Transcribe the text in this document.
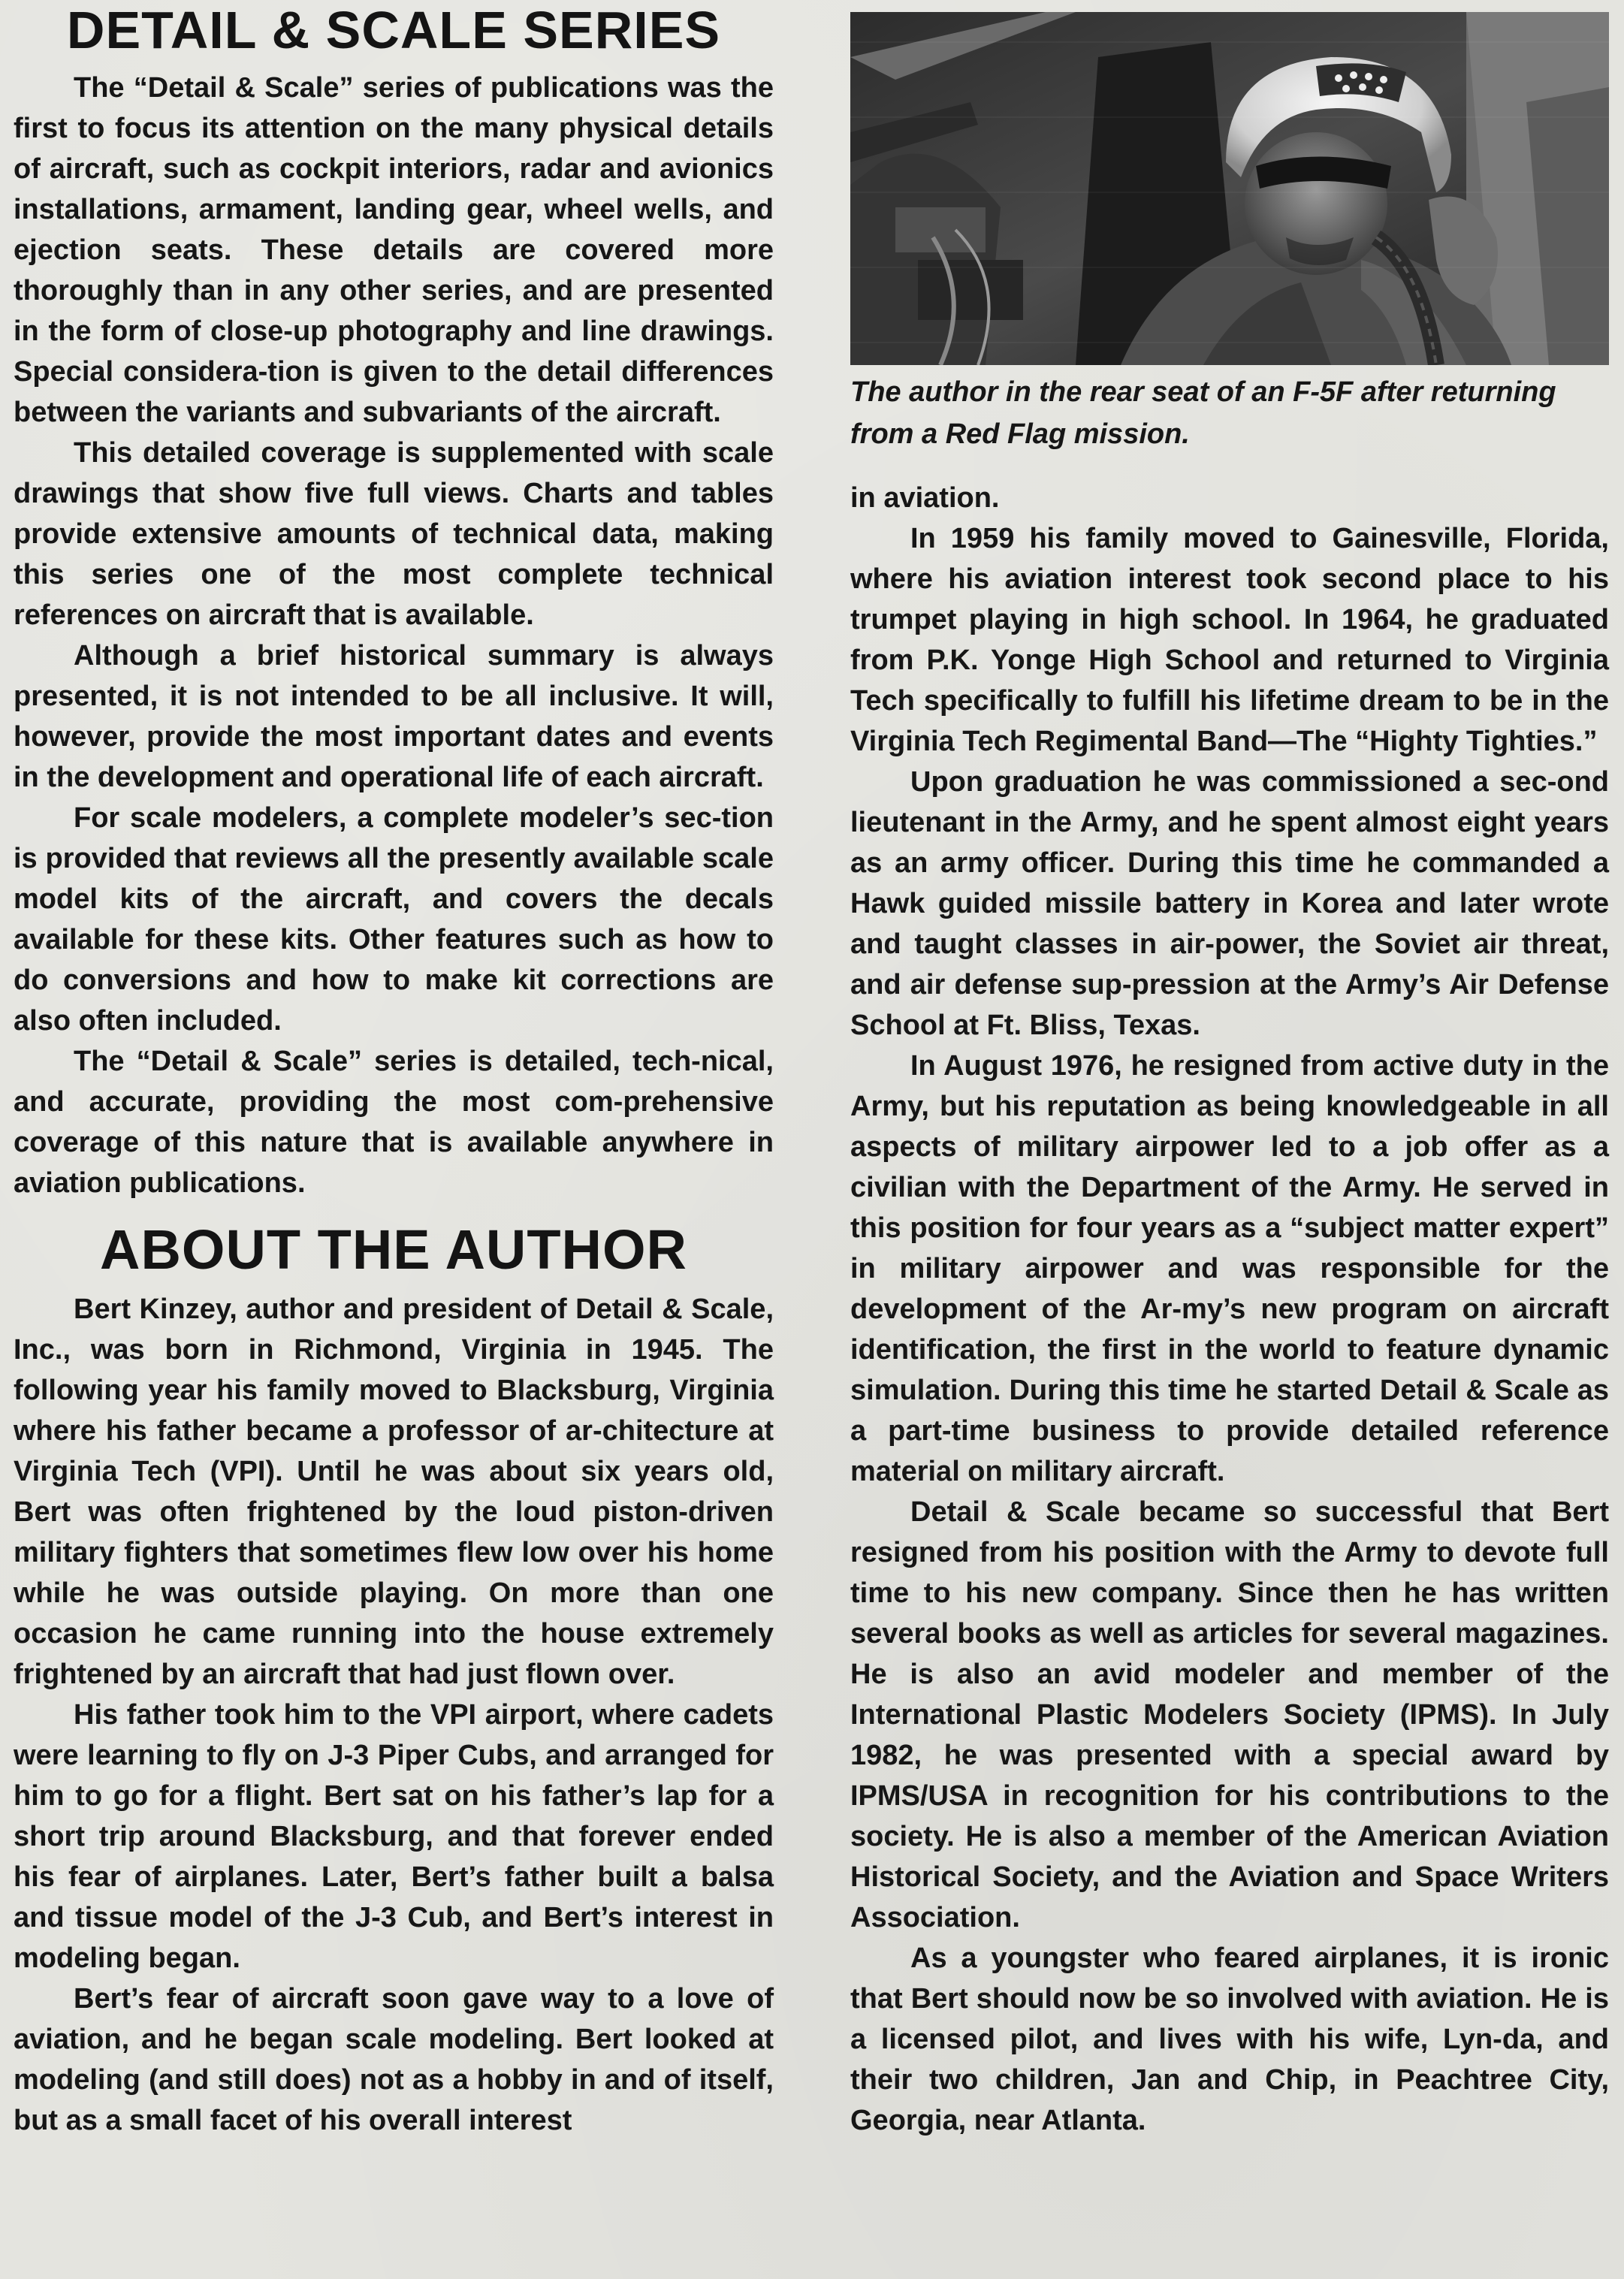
DETAIL & SCALE SERIES

The “Detail & Scale” series of publications was the first to focus its attention on the many physical details of aircraft, such as cockpit interiors, radar and avionics installations, armament, landing gear, wheel wells, and ejection seats. These details are covered more thoroughly than in any other series, and are presented in the form of close-up photography and line drawings. Special considera-tion is given to the detail differences between the variants and subvariants of the aircraft.

This detailed coverage is supplemented with scale drawings that show five full views. Charts and tables provide extensive amounts of technical data, making this series one of the most complete technical references on aircraft that is available.

Although a brief historical summary is always presented, it is not intended to be all inclusive. It will, however, provide the most important dates and events in the development and operational life of each aircraft.

For scale modelers, a complete modeler’s sec-tion is provided that reviews all the presently available scale model kits of the aircraft, and covers the decals available for these kits. Other features such as how to do conversions and how to make kit corrections are also often included.

The “Detail & Scale” series is detailed, tech-nical, and accurate, providing the most com-prehensive coverage of this nature that is available anywhere in aviation publications.

ABOUT THE AUTHOR

Bert Kinzey, author and president of Detail & Scale, Inc., was born in Richmond, Virginia in 1945. The following year his family moved to Blacksburg, Virginia where his father became a professor of ar-chitecture at Virginia Tech (VPI). Until he was about six years old, Bert was often frightened by the loud piston-driven military fighters that sometimes flew low over his home while he was outside playing. On more than one occasion he came running into the house extremely frightened by an aircraft that had just flown over.

His father took him to the VPI airport, where cadets were learning to fly on J-3 Piper Cubs, and arranged for him to go for a flight. Bert sat on his father’s lap for a short trip around Blacksburg, and that forever ended his fear of airplanes. Later, Bert’s father built a balsa and tissue model of the J-3 Cub, and Bert’s interest in modeling began.

Bert’s fear of aircraft soon gave way to a love of aviation, and he began scale modeling. Bert looked at modeling (and still does) not as a hobby in and of itself, but as a small facet of his overall interest

The author in the rear seat of an F-5F after returning from a Red Flag mission.

in aviation.

In 1959 his family moved to Gainesville, Florida, where his aviation interest took second place to his trumpet playing in high school. In 1964, he graduated from P.K. Yonge High School and returned to Virginia Tech specifically to fulfill his lifetime dream to be in the Virginia Tech Regimental Band—The “Highty Tighties.”

Upon graduation he was commissioned a sec-ond lieutenant in the Army, and he spent almost eight years as an army officer. During this time he commanded a Hawk guided missile battery in Korea and later wrote and taught classes in air-power, the Soviet air threat, and air defense sup-pression at the Army’s Air Defense School at Ft. Bliss, Texas.

In August 1976, he resigned from active duty in the Army, but his reputation as being knowledgeable in all aspects of military airpower led to a job offer as a civilian with the Department of the Army. He served in this position for four years as a “subject matter expert” in military airpower and was responsible for the development of the Ar-my’s new program on aircraft identification, the first in the world to feature dynamic simulation. During this time he started Detail & Scale as a part-time business to provide detailed reference material on military aircraft.

Detail & Scale became so successful that Bert resigned from his position with the Army to devote full time to his new company. Since then he has written several books as well as articles for several magazines. He is also an avid modeler and member of the International Plastic Modelers Society (IPMS). In July 1982, he was presented with a special award by IPMS/USA in recognition for his contributions to the society. He is also a member of the American Aviation Historical Society, and the Aviation and Space Writers Association.

As a youngster who feared airplanes, it is ironic that Bert should now be so involved with aviation. He is a licensed pilot, and lives with his wife, Lyn-da, and their two children, Jan and Chip, in Peachtree City, Georgia, near Atlanta.
